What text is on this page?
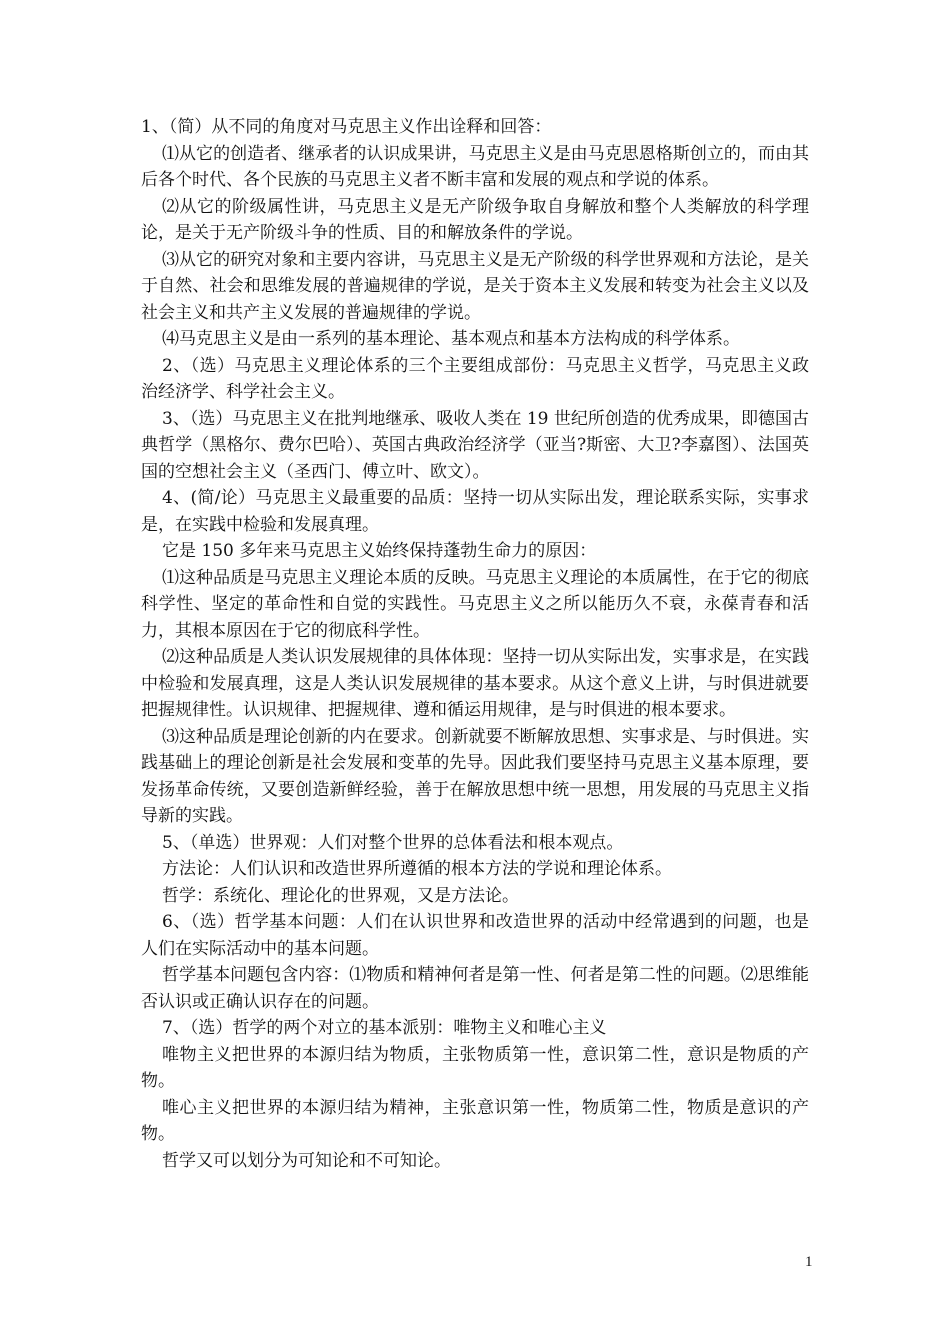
1、（简）从不同的角度对马克思主义作出诠释和回答：

⑴从它的创造者、继承者的认识成果讲，马克思主义是由马克思恩格斯创立的，而由其后各个时代、各个民族的马克思主义者不断丰富和发展的观点和学说的体系。

⑵从它的阶级属性讲，马克思主义是无产阶级争取自身解放和整个人类解放的科学理论，是关于无产阶级斗争的性质、目的和解放条件的学说。

⑶从它的研究对象和主要内容讲，马克思主义是无产阶级的科学世界观和方法论，是关于自然、社会和思维发展的普遍规律的学说，是关于资本主义发展和转变为社会主义以及社会主义和共产主义发展的普遍规律的学说。

⑷马克思主义是由一系列的基本理论、基本观点和基本方法构成的科学体系。

2、（选）马克思主义理论体系的三个主要组成部份：马克思主义哲学，马克思主义政治经济学、科学社会主义。

3、（选）马克思主义在批判地继承、吸收人类在 19 世纪所创造的优秀成果，即德国古典哲学（黑格尔、费尔巴哈）、英国古典政治经济学（亚当?斯密、大卫?李嘉图）、法国英国的空想社会主义（圣西门、傅立叶、欧文）。

4、(简/论）马克思主义最重要的品质：坚持一切从实际出发，理论联系实际，实事求是，在实践中检验和发展真理。

它是 150 多年来马克思主义始终保持蓬勃生命力的原因：

⑴这种品质是马克思主义理论本质的反映。马克思主义理论的本质属性，在于它的彻底科学性、坚定的革命性和自觉的实践性。马克思主义之所以能历久不衰，永葆青春和活力，其根本原因在于它的彻底科学性。

⑵这种品质是人类认识发展规律的具体体现：坚持一切从实际出发，实事求是，在实践中检验和发展真理，这是人类认识发展规律的基本要求。从这个意义上讲，与时俱进就要把握规律性。认识规律、把握规律、遵和循运用规律，是与时俱进的根本要求。

⑶这种品质是理论创新的内在要求。创新就要不断解放思想、实事求是、与时俱进。实践基础上的理论创新是社会发展和变革的先导。因此我们要坚持马克思主义基本原理，要发扬革命传统，又要创造新鲜经验，善于在解放思想中统一思想，用发展的马克思主义指导新的实践。

5、（单选）世界观：人们对整个世界的总体看法和根本观点。

方法论：人们认识和改造世界所遵循的根本方法的学说和理论体系。

哲学：系统化、理论化的世界观，又是方法论。

6、（选）哲学基本问题：人们在认识世界和改造世界的活动中经常遇到的问题，也是人们在实际活动中的基本问题。

哲学基本问题包含内容：⑴物质和精神何者是第一性、何者是第二性的问题。⑵思维能否认识或正确认识存在的问题。

7、（选）哲学的两个对立的基本派别：唯物主义和唯心主义

唯物主义把世界的本源归结为物质，主张物质第一性，意识第二性，意识是物质的产物。

唯心主义把世界的本源归结为精神，主张意识第一性，物质第二性，物质是意识的产物。

哲学又可以划分为可知论和不可知论。

1
